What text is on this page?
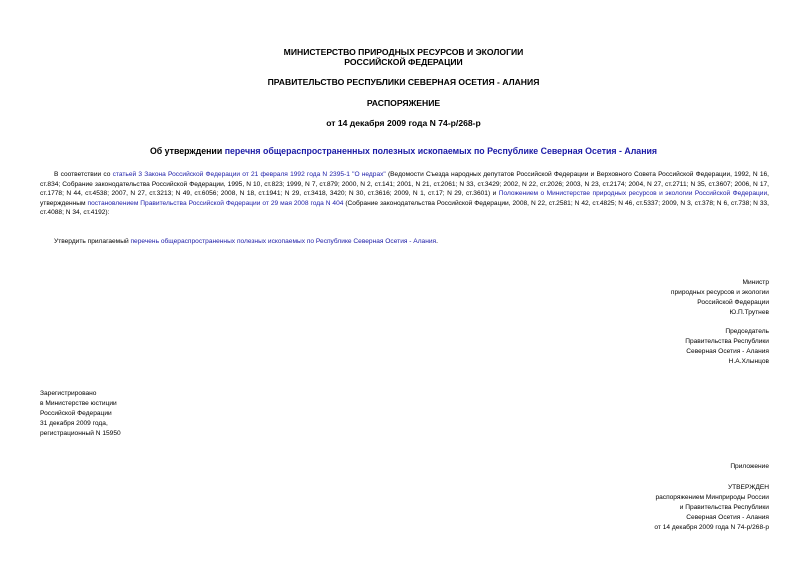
МИНИСТЕРСТВО ПРИРОДНЫХ РЕСУРСОВ И ЭКОЛОГИИ
РОССИЙСКОЙ ФЕДЕРАЦИИ
ПРАВИТЕЛЬСТВО РЕСПУБЛИКИ СЕВЕРНАЯ ОСЕТИЯ - АЛАНИЯ
РАСПОРЯЖЕНИЕ
от 14 декабря 2009 года N 74-р/268-р
Об утверждении перечня общераспространенных полезных ископаемых по Республике Северная Осетия - Алания
В соответствии со статьей 3 Закона Российской Федерации от 21 февраля 1992 года N 2395-1 "О недрах" (Ведомости Съезда народных депутатов Российской Федерации и Верховного Совета Российской Федерации, 1992, N 16, ст.834; Собрание законодательства Российской Федерации, 1995, N 10, ст.823; 1999, N 7, ст.879; 2000, N 2, ст.141; 2001, N 21, ст.2061; N 33, ст.3429; 2002, N 22, ст.2026; 2003, N 23, ст.2174; 2004, N 27, ст.2711; N 35, ст.3607; 2006, N 17, ст.1778; N 44, ст.4538; 2007, N 27, ст.3213; N 49, ст.6056; 2008, N 18, ст.1941; N 29, ст.3418, 3420; N 30, ст.3616; 2009, N 1, ст.17; N 29, ст.3601) и Положением о Министерстве природных ресурсов и экологии Российской Федерации, утвержденным постановлением Правительства Российской Федерации от 29 мая 2008 года N 404 (Собрание законодательства Российской Федерации, 2008, N 22, ст.2581; N 42, ст.4825; N 46, ст.5337; 2009, N 3, ст.378; N 6, ст.738; N 33, ст.4088; N 34, ст.4192):
Утвердить прилагаемый перечень общераспространенных полезных ископаемых по Республике Северная Осетия - Алания.
Министр
природных ресурсов и экологии
Российской Федерации
Ю.П.Трутнев
Председатель
Правительства Республики
Северная Осетия - Алания
Н.А.Хлынцов
Зарегистрировано
в Министерстве юстиции
Российской Федерации
31 декабря 2009 года,
регистрационный N 15950
Приложение
УТВЕРЖДЕН
распоряжением Минприроды России
и Правительства Республики
Северная Осетия - Алания
от 14 декабря 2009 года N 74-р/268-р
